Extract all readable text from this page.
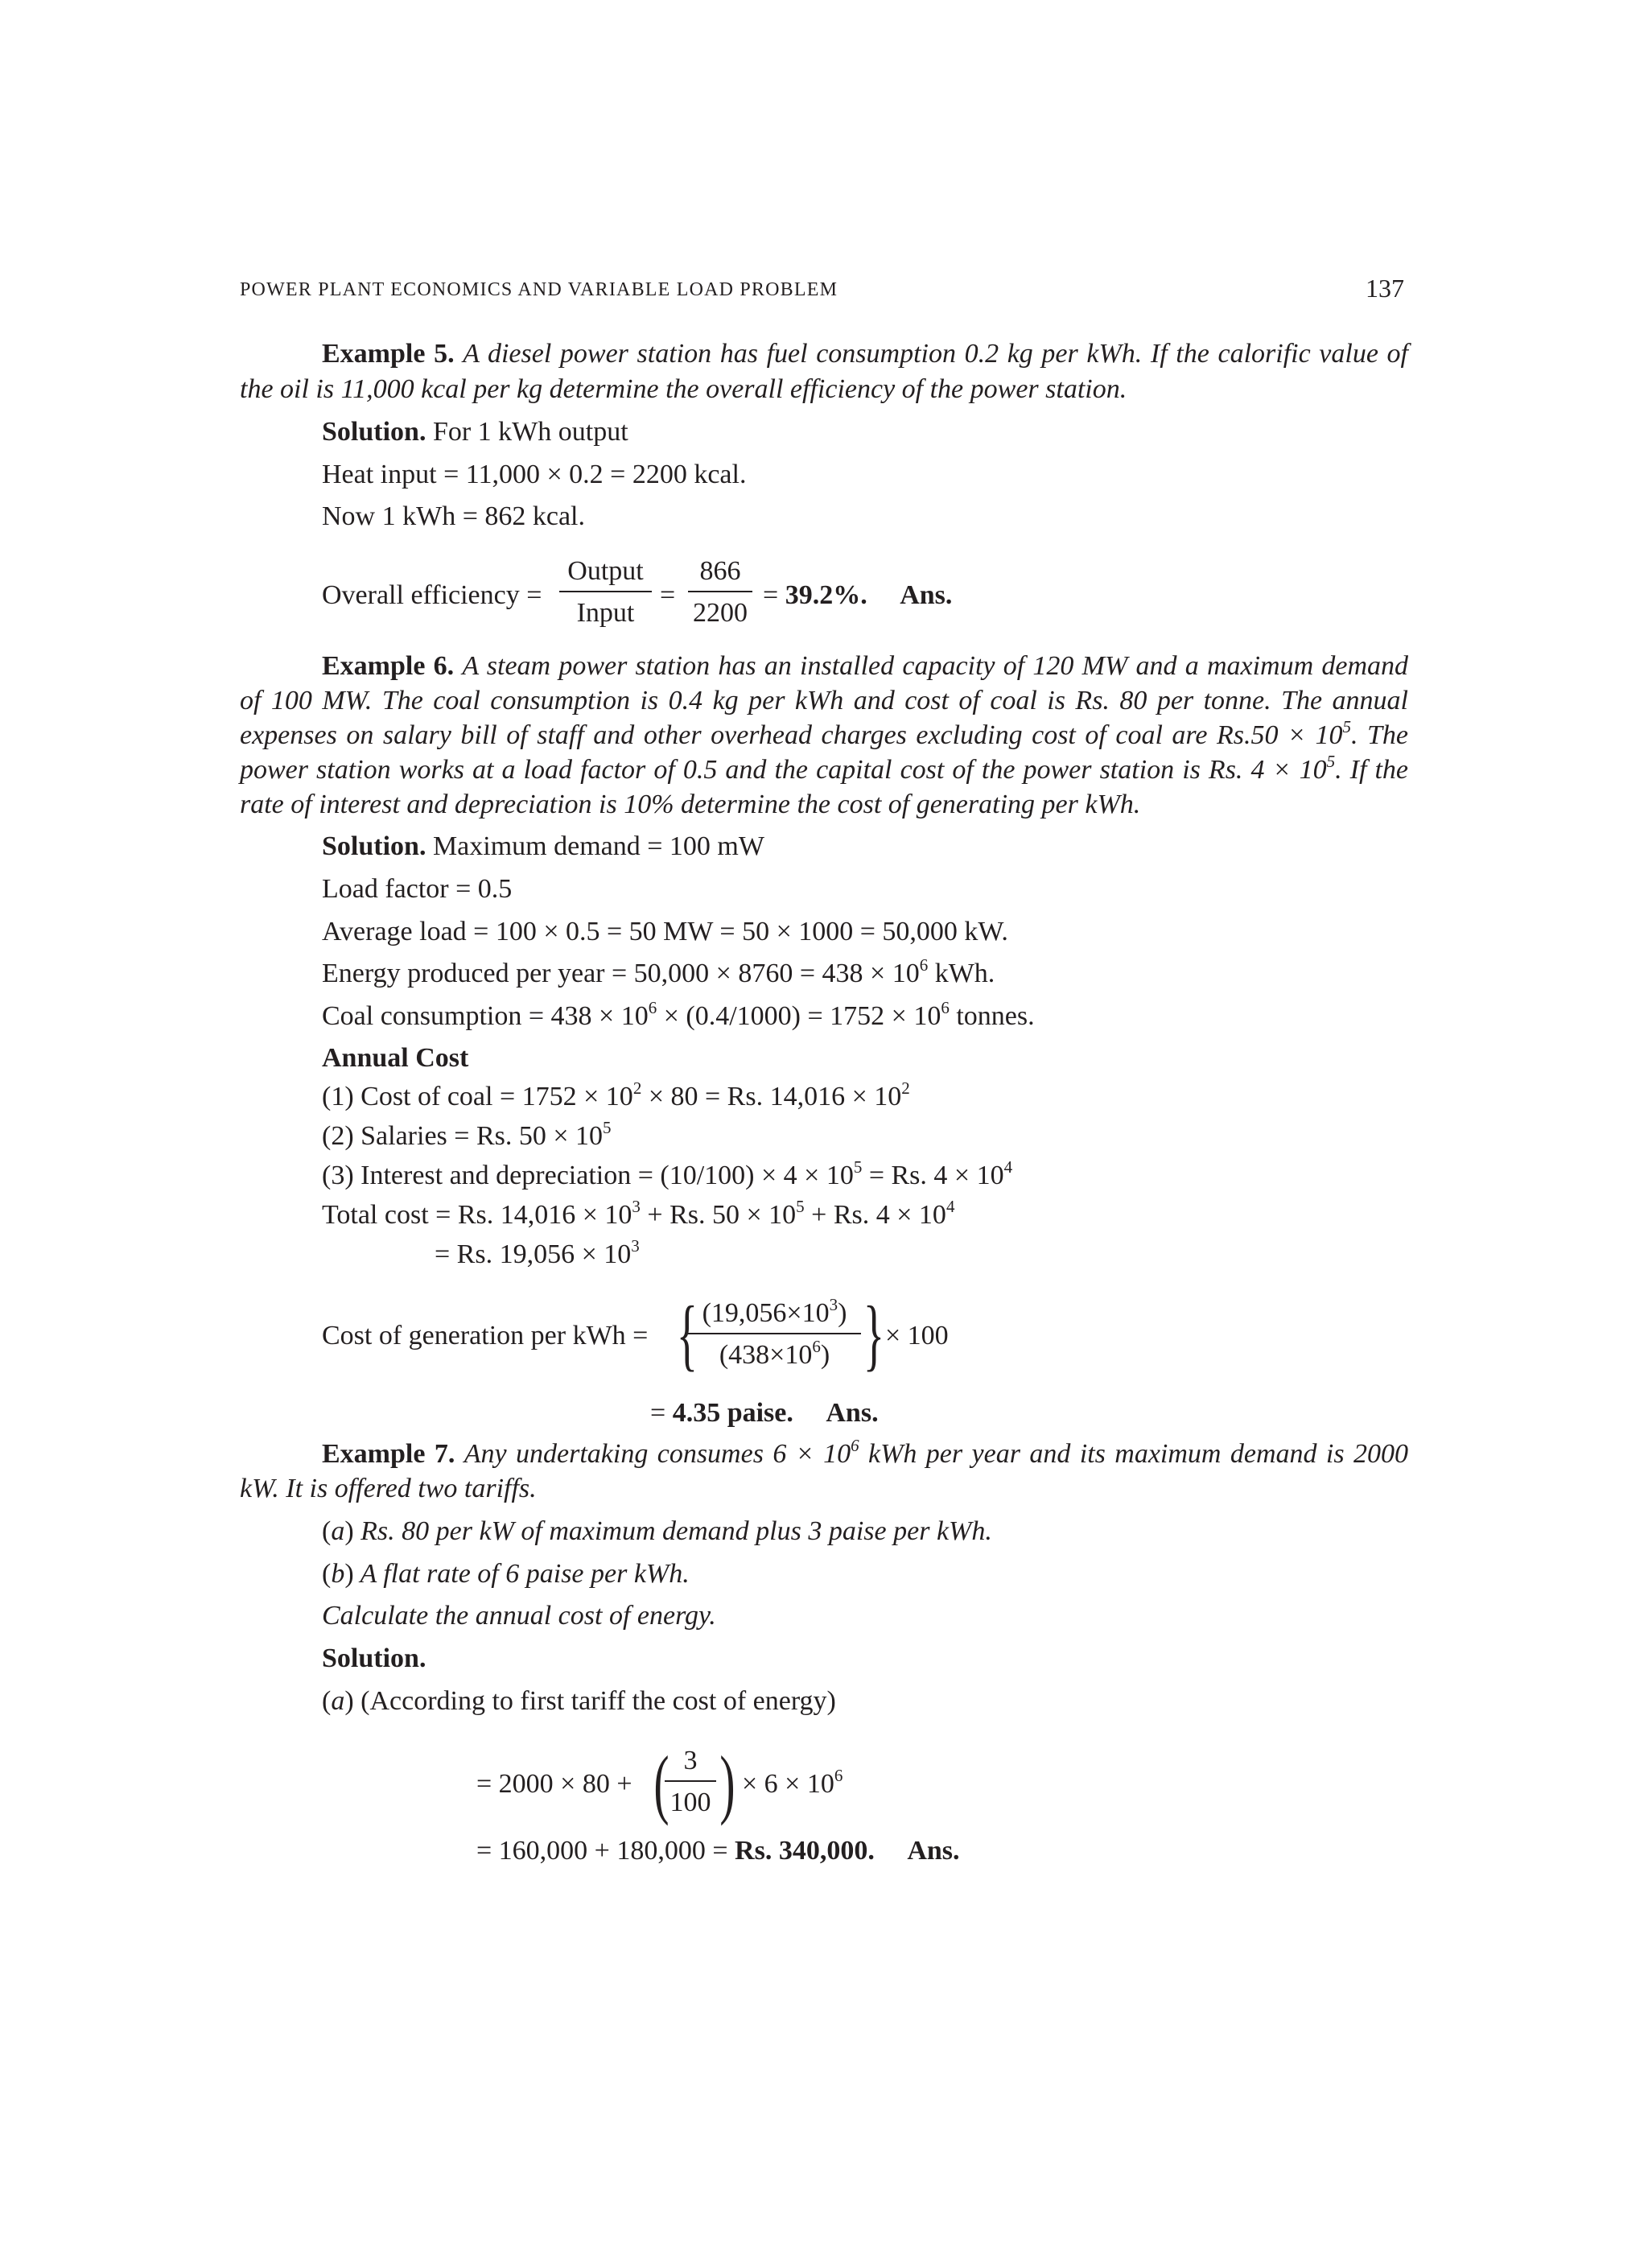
POWER PLANT ECONOMICS AND VARIABLE LOAD PROBLEM	137
Example 5. A diesel power station has fuel consumption 0.2 kg per kWh. If the calorific value of
the oil is 11,000 kcal per kg determine the overall efficiency of the power station.
Solution. For 1 kWh output
Heat input = 11,000 × 0.2 = 2200 kcal.
Now 1 kWh = 862 kcal.
Overall efficiency =
Output
Input
=
866
2200
= 39.2%. Ans.
Example 6. A steam power station has an installed capacity of 120 MW and a maximum demand
of 100 MW. The coal consumption is 0.4 kg per kWh and cost of coal is Rs. 80 per tonne. The annual
expenses on salary bill of staff and other overhead charges excluding cost of coal are $Rs.50 \times 10^5$. The
power station works at a load factor of 0.5 and the capital cost of the power station is Rs. $4 \times 10^5$. If the
rate of interest and depreciation is 10% determine the cost of generating per kWh.
Solution. Maximum demand = 100 mW
Load factor = 0.5
Average load = 100 × 0.5 = 50 MW = 50 × 1000 = 50,000 kW.
Energy produced per year = $50,000 \times 8760 = 438 \times 10^6$ kWh.
Coal consumption = $438 \times 10^6 \times (0.4/1000) = 1752 \times 10^6$ tonnes.
Annual Cost
(1) Cost of coal = $1752 \times 10^2 \times 80 = Rs$. $14,016 \times 10^2$
(2) Salaries = Rs. $50 \times 10^5$
(3) Interest and depreciation = $(10/100) \times 4 \times 10^5 = Rs$. $4 \times 10^4$
Total cost = Rs. $14,016 \times 10^3 + Rs$. $50 \times 10^5 + Rs$. $4 \times 10^4$
= Rs. $19,056 \times 10^3$
Cost of generation per kWh = { $(19,056\times 10^3)$
$(438\times 10^6)$ } × 100
= 4.35 paise. Ans.
Example 7. Any undertaking consumes $6 \times 10^6$ kWh per year and its maximum demand is 2000
kW. It is offered two tariffs.
(a) Rs. 80 per kW of maximum demand plus 3 paise per kWh.
(b) A flat rate of 6 paise per kWh.
Calculate the annual cost of energy.
Solution.
(a) (According to first tariff the cost of energy)
= 2000 × 80 + ( 3
100 ) × $6 \times 10^6$
= 160,000 + 180,000 = Rs. 340,000. Ans.
